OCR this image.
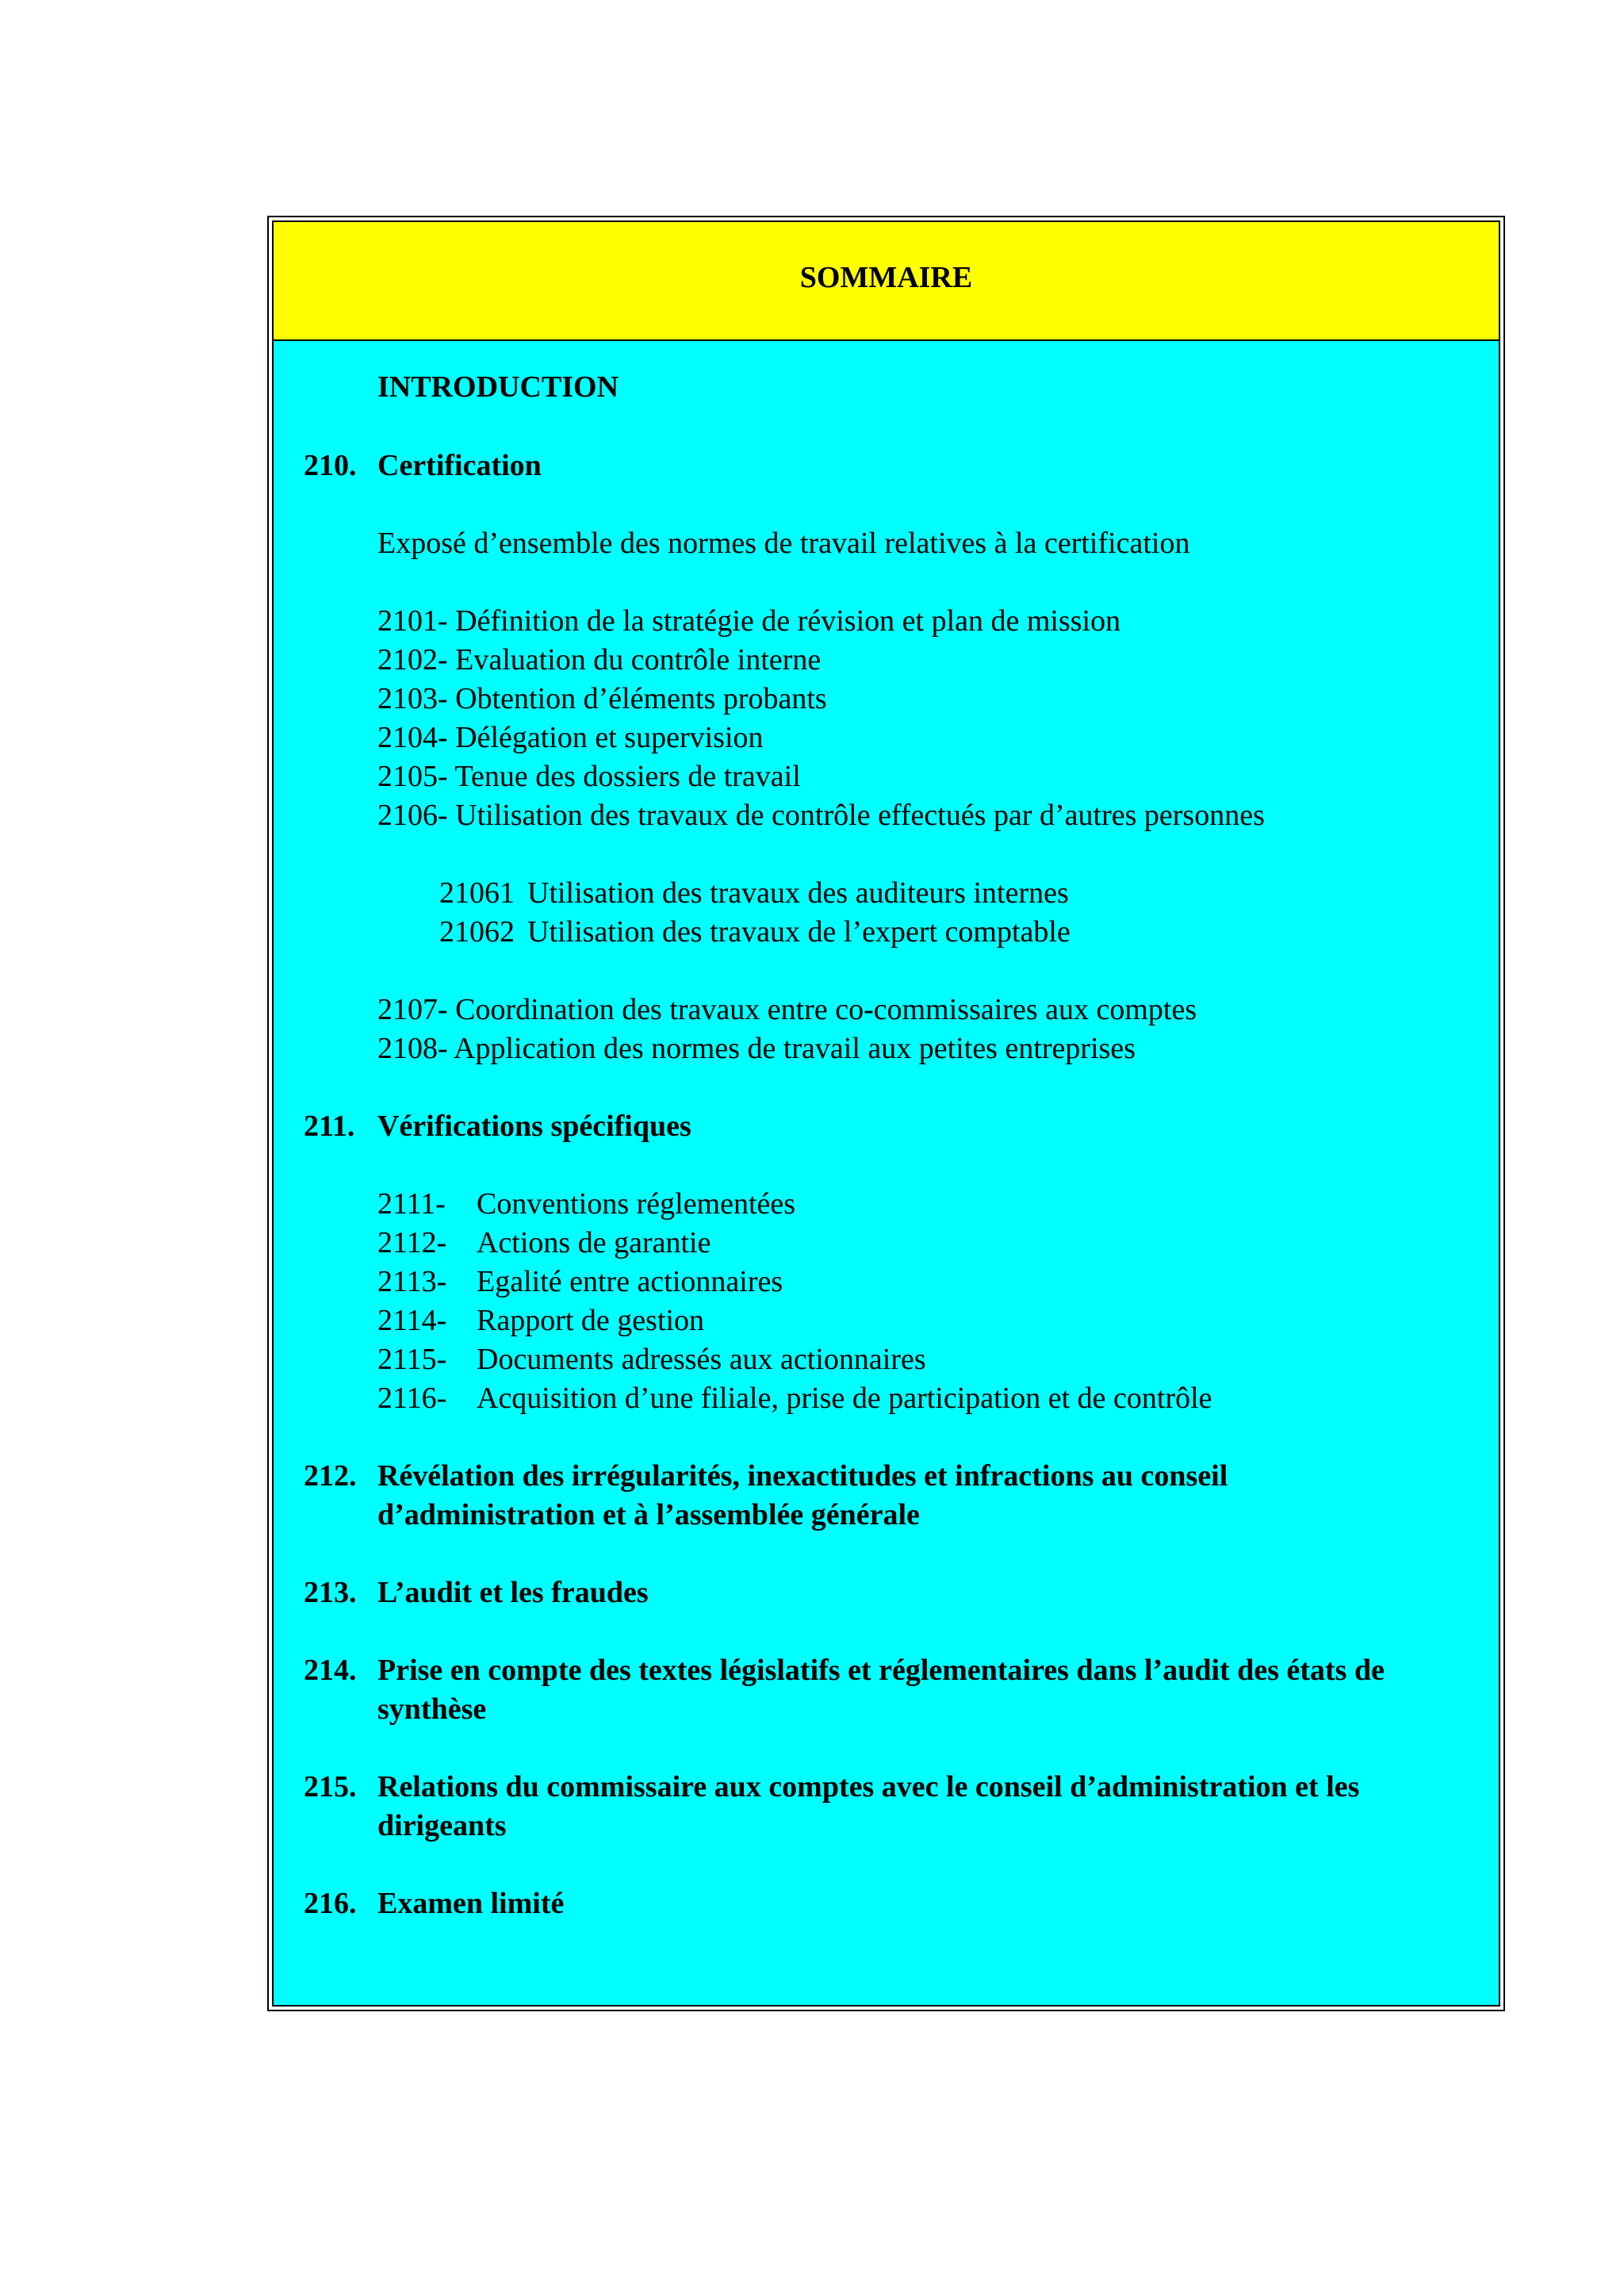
SOMMAIRE
INTRODUCTION
210. Certification
Exposé d’ensemble des normes de travail relatives à la certification
2101- Définition de la stratégie de révision et plan de mission
2102- Evaluation du contrôle interne
2103- Obtention d’éléments probants
2104- Délégation et supervision
2105- Tenue des dossiers de travail
2106- Utilisation des travaux de contrôle effectués par d’autres personnes
21061 Utilisation des travaux des auditeurs internes
21062 Utilisation des travaux de l’expert comptable
2107- Coordination des travaux entre co-commissaires aux comptes
2108- Application des normes de travail aux petites entreprises
211. Vérifications spécifiques
2111- Conventions réglementées
2112- Actions de garantie
2113- Egalité entre actionnaires
2114- Rapport de gestion
2115- Documents adressés aux actionnaires
2116- Acquisition d’une filiale, prise de participation et de contrôle
212. Révélation des irrégularités, inexactitudes et infractions au conseil
d’administration et à l’assemblée générale
213. L’audit et les fraudes
214. Prise en compte des textes législatifs et réglementaires dans l’audit des états de
synthèse
215. Relations du commissaire aux comptes avec le conseil d’administration et les
dirigeants
216. Examen limité
